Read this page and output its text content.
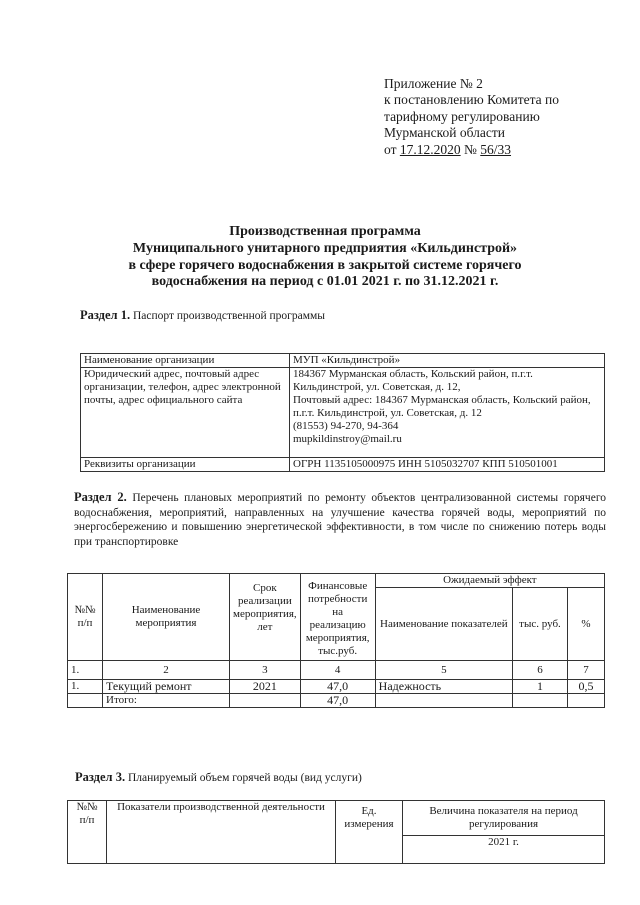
Приложение № 2
к постановлению Комитета по
тарифному регулированию
Мурманской области
от 17.12.2020 № 56/33
Производственная программа
Муниципального унитарного предприятия «Кильдинстрой»
в сфере горячего водоснабжения в закрытой системе горячего
водоснабжения на период с 01.01 2021 г. по 31.12.2021 г.
Раздел 1. Паспорт производственной программы
Наименование организации	МУП «Кильдинстрой»
Юридический адрес, почтовый адрес организации, телефон, адрес электронной почты, адрес официального сайта	184367 Мурманская область, Кольский район, п.г.т. Кильдинстрой, ул. Советская, д. 12,
Почтовый адрес: 184367 Мурманская область, Кольский район, п.г.т. Кильдинстрой, ул. Советская, д. 12
(81553) 94-270, 94-364
mupkildinstroy@mail.ru

Реквизиты организации	ОГРН 1135105000975 ИНН 5105032707 КПП 510501001
Раздел 2. Перечень плановых мероприятий по ремонту объектов централизованной системы горячего водоснабжения, мероприятий, направленных на улучшение качества горячей воды, мероприятий по энергосбережению и повышению энергетической эффективности, в том числе по снижению потерь воды при транспортировке
№№ п/п	Наименование мероприятия	Срок реализации мероприятия, лет	Финансовые потребности на реализацию мероприятия, тыс.руб.	Ожидаемый эффект		
				Наименование показателей	тыс. руб.	%
1.	2	3	4	5	6	7
1.	Текущий ремонт	2021	47,0	Надежность	1	0,5
	Итого:		47,0			
Раздел 3. Планируемый объем горячей воды (вид услуги)
№№ п/п	Показатели производственной деятельности	Ед. измерения	Величина показателя на период регулирования
2021 г.
